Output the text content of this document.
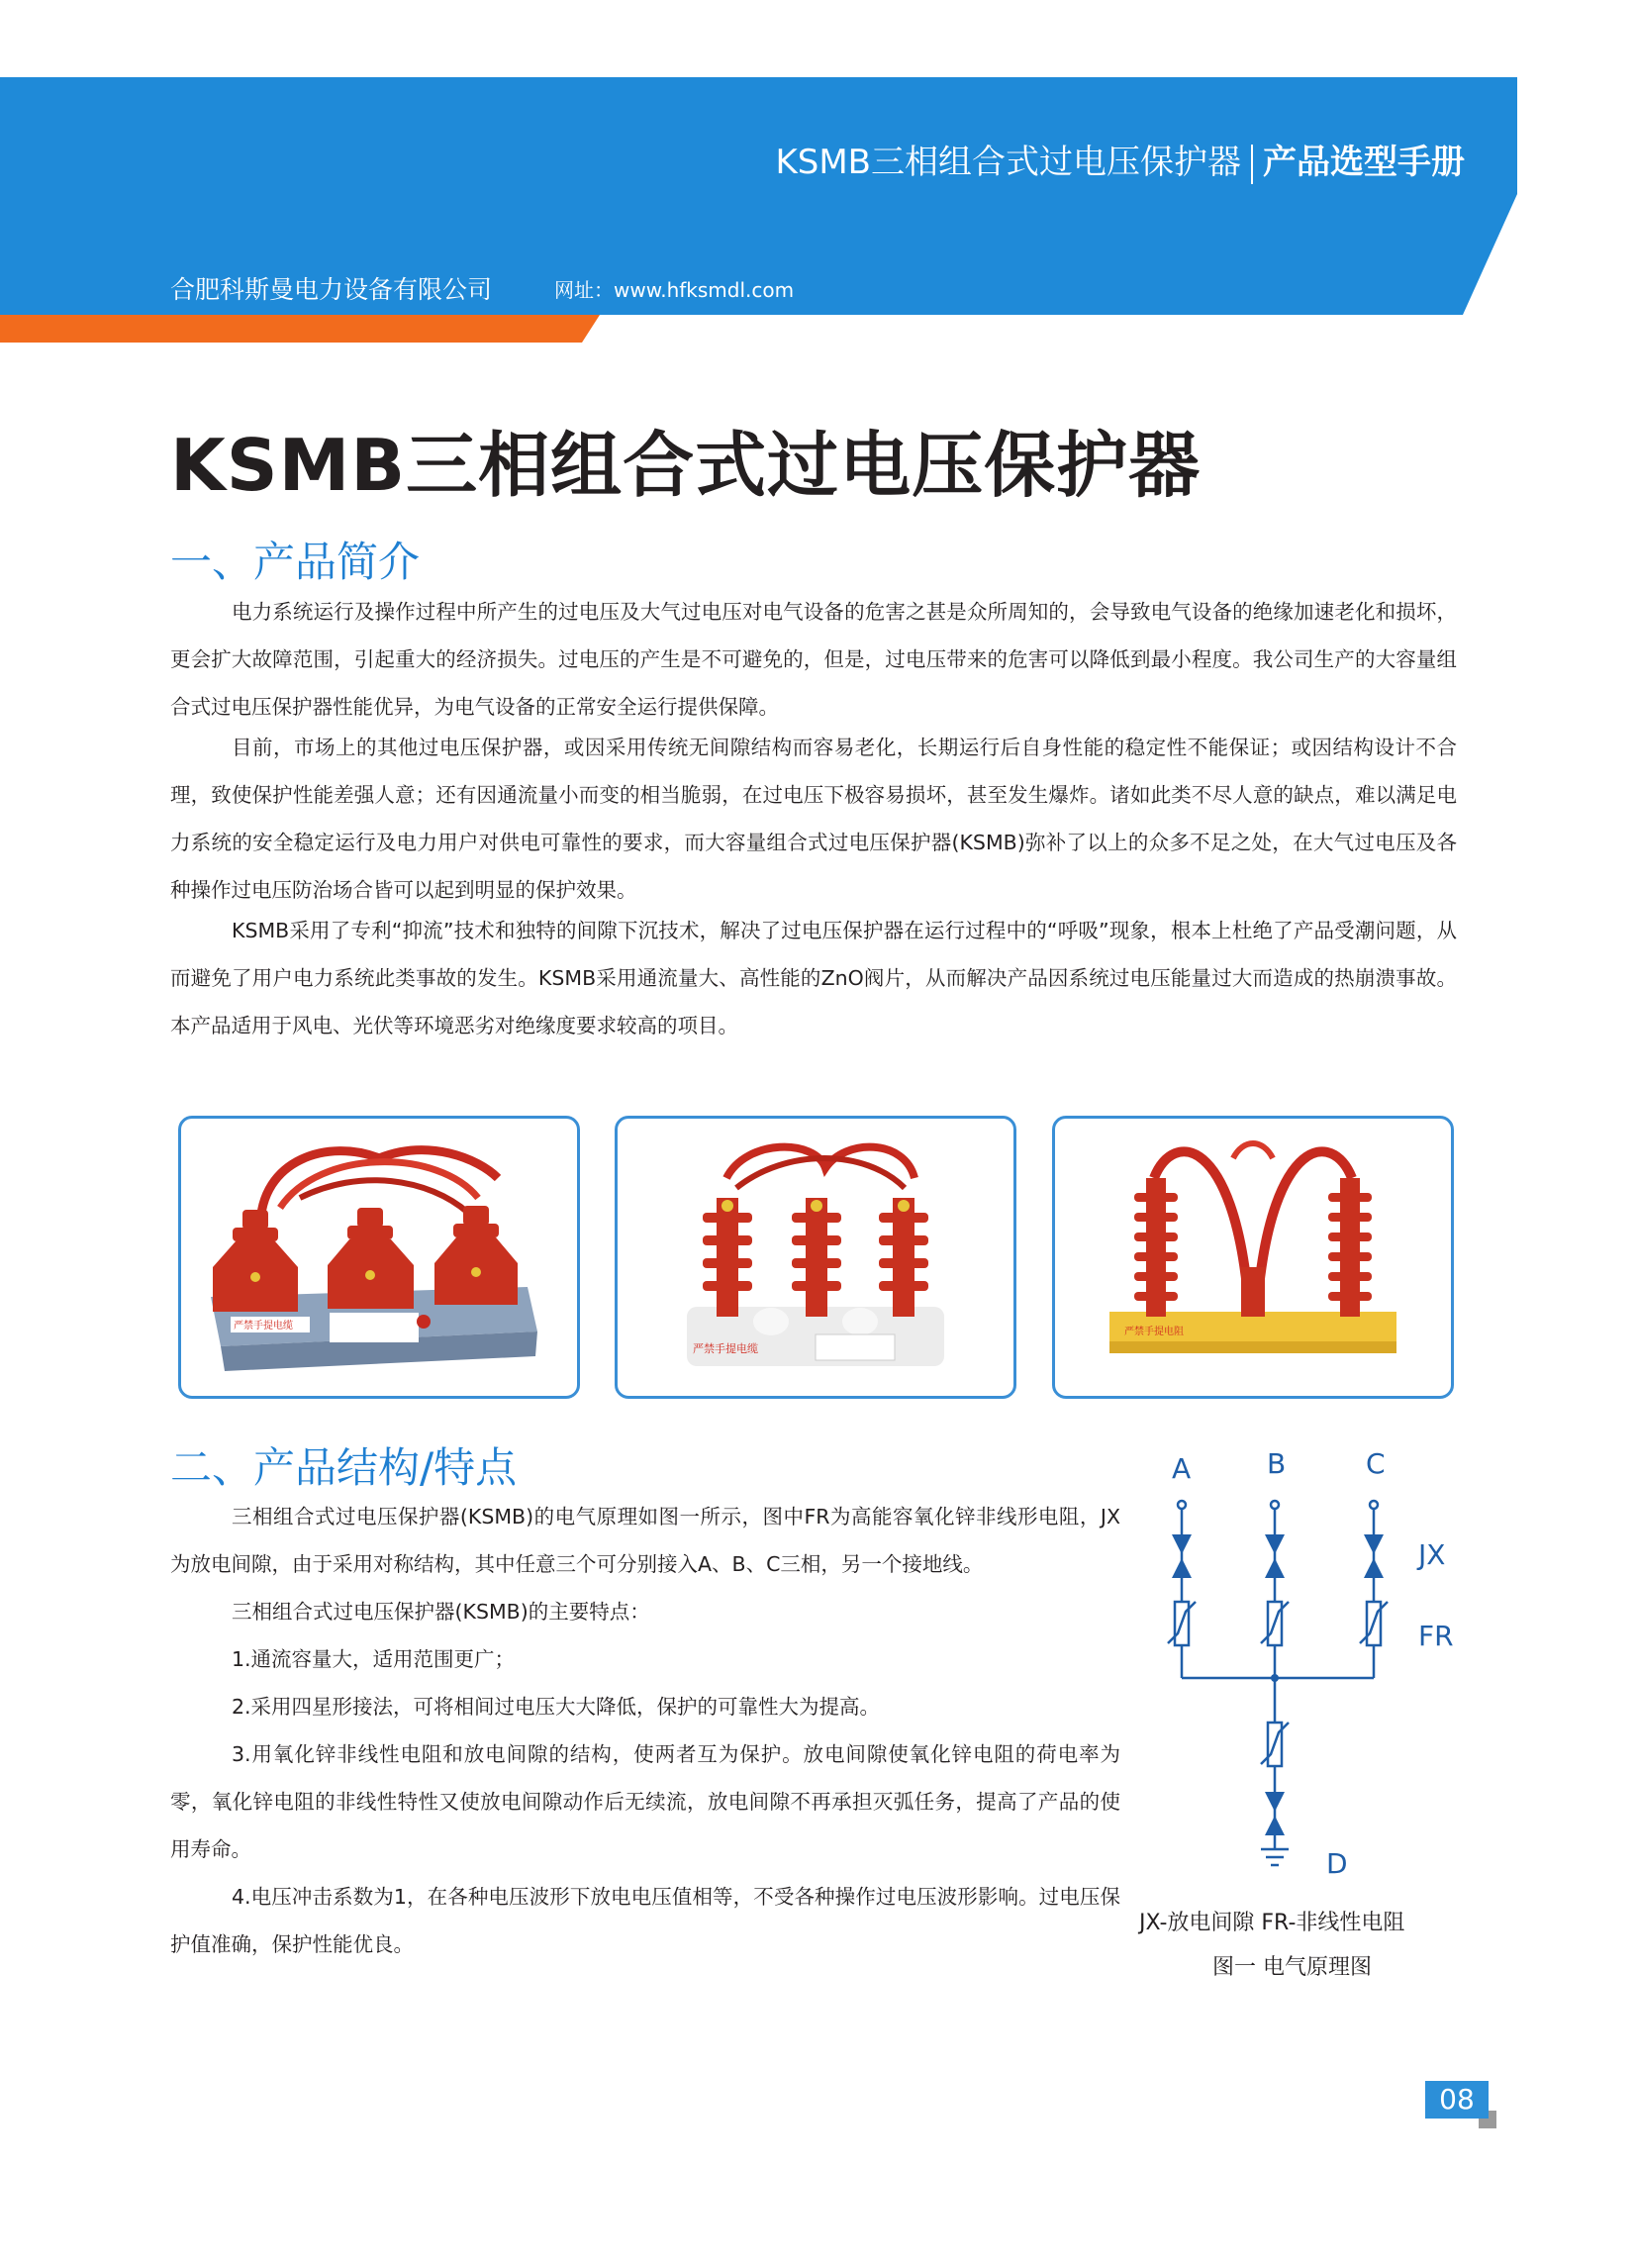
KSMB三相组合式过电压保护器 产品选型手册
合肥科斯曼电力设备有限公司	网址：www.hfksmdl.com
KSMB三相组合式过电压保护器
一、产品简介

电力系统运行及操作过程中所产生的过电压及大气过电压对电气设备的危害之甚是众所周知的，会导致电气设备的绝缘加速老化和损坏，更会扩大故障范围，引起重大的经济损失。过电压的产生是不可避免的，但是，过电压带来的危害可以降低到最小程度。我公司生产的大容量组合式过电压保护器性能优异，为电气设备的正常安全运行提供保障。

目前，市场上的其他过电压保护器，或因采用传统无间隙结构而容易老化，长期运行后自身性能的稳定性不能保证；或因结构设计不合理，致使保护性能差强人意；还有因通流量小而变的相当脆弱，在过电压下极容易损坏，甚至发生爆炸。诸如此类不尽人意的缺点，难以满足电力系统的安全稳定运行及电力用户对供电可靠性的要求，而大容量组合式过电压保护器(KSMB)弥补了以上的众多不足之处，在大气过电压及各种操作过电压防治场合皆可以起到明显的保护效果。

KSMB采用了专利“抑流”技术和独特的间隙下沉技术，解决了过电压保护器在运行过程中的“呼吸”现象，根本上杜绝了产品受潮问题，从而避免了用户电力系统此类事故的发生。KSMB采用通流量大、高性能的ZnO阀片，从而解决产品因系统过电压能量过大而造成的热崩溃事故。本产品适用于风电、光伏等环境恶劣对绝缘度要求较高的项目。

严禁手提电缆
严禁手提电缆
严禁手提电阻
二、产品结构/特点
三相组合式过电压保护器(KSMB)的电气原理如图一所示，图中FR为高能容氧化锌非线形电阻，JX为放电间隙，由于采用对称结构，其中任意三个可分别接入A、B、C三相，另一个接地线。
三相组合式过电压保护器(KSMB)的主要特点：
1.通流容量大，适用范围更广；
2.采用四星形接法，可将相间过电压大大降低，保护的可靠性大为提高。
3.用氧化锌非线性电阻和放电间隙的结构，使两者互为保护。放电间隙使氧化锌电阻的荷电率为零，氧化锌电阻的非线性特性又使放电间隙动作后无续流，放电间隙不再承担灭弧任务，提高了产品的使用寿命。
4.电压冲击系数为1，在各种电压波形下放电电压值相等，不受各种操作过电压波形影响。过电压保护值准确，保护性能优良。
A	B	C
JX
FR
D
JX-放电间隙 FR-非线性电阻
图一 电气原理图
08
